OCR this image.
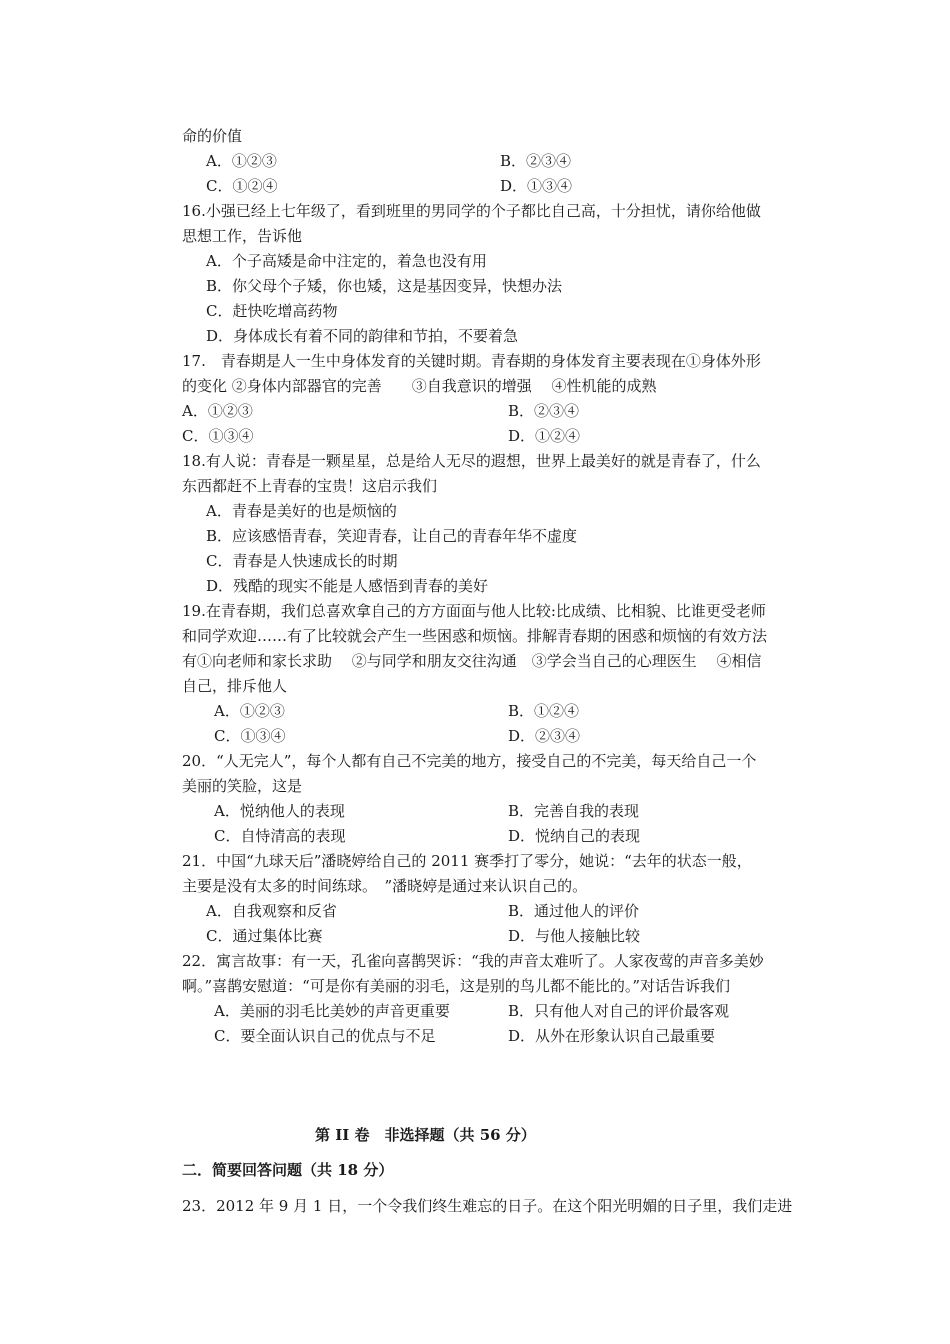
命的价值
A．①②③	B．②③④
C．①②④	D．①③④
16.小强已经上七年级了，看到班里的男同学的个子都比自己高，十分担忧，请你给他做
思想工作，告诉他
A．个子高矮是命中注定的，着急也没有用
B．你父母个子矮，你也矮，这是基因变异，快想办法
C．赶快吃增高药物
D．身体成长有着不同的韵律和节拍，不要着急
17.　青春期是人一生中身体发育的关键时期。青春期的身体发育主要表现在①身体外形
的变化 ②身体内部器官的完善　　③自我意识的增强　 ④性机能的成熟
A．①②③	B．②③④
C．①③④	D．①②④
18.有人说：青春是一颗星星，总是给人无尽的遐想，世界上最美好的就是青春了，什么
东西都赶不上青春的宝贵！这启示我们
A．青春是美好的也是烦恼的
B．应该感悟青春，笑迎青春，让自己的青春年华不虚度
C．青春是人快速成长的时期
D．残酷的现实不能是人感悟到青春的美好
19.在青春期，我们总喜欢拿自己的方方面面与他人比较:比成绩、比相貌、比谁更受老师
和同学欢迎……有了比较就会产生一些困惑和烦恼。排解青春期的困惑和烦恼的有效方法
有①向老师和家长求助　 ②与同学和朋友交往沟通　③学会当自己的心理医生　 ④相信
自己，排斥他人
A．①②③	B．①②④
C．①③④	D．②③④
20．“人无完人”，每个人都有自己不完美的地方，接受自己的不完美，每天给自己一个
美丽的笑脸，这是
A．悦纳他人的表现	B．完善自我的表现
C．自恃清高的表现	D．悦纳自己的表现
21．中国“九球天后”潘晓婷给自己的 2011 赛季打了零分，她说：“去年的状态一般，
主要是没有太多的时间练球。　”潘晓婷是通过来认识自己的。
A．自我观察和反省	B．通过他人的评价
C．通过集体比赛	D．与他人接触比较
22．寓言故事：有一天，孔雀向喜鹊哭诉：“我的声音太难听了。人家夜莺的声音多美妙
啊。”喜鹊安慰道：“可是你有美丽的羽毛，这是别的鸟儿都不能比的。”对话告诉我们
A．美丽的羽毛比美妙的声音更重要	B．只有他人对自己的评价最客观
C．要全面认识自己的优点与不足	D．从外在形象认识自己最重要
第 II 卷　非选择题（共 56 分）
二．简要回答问题（共 18 分）
23．2012 年 9 月 1 日，一个令我们终生难忘的日子。在这个阳光明媚的日子里，我们走进
